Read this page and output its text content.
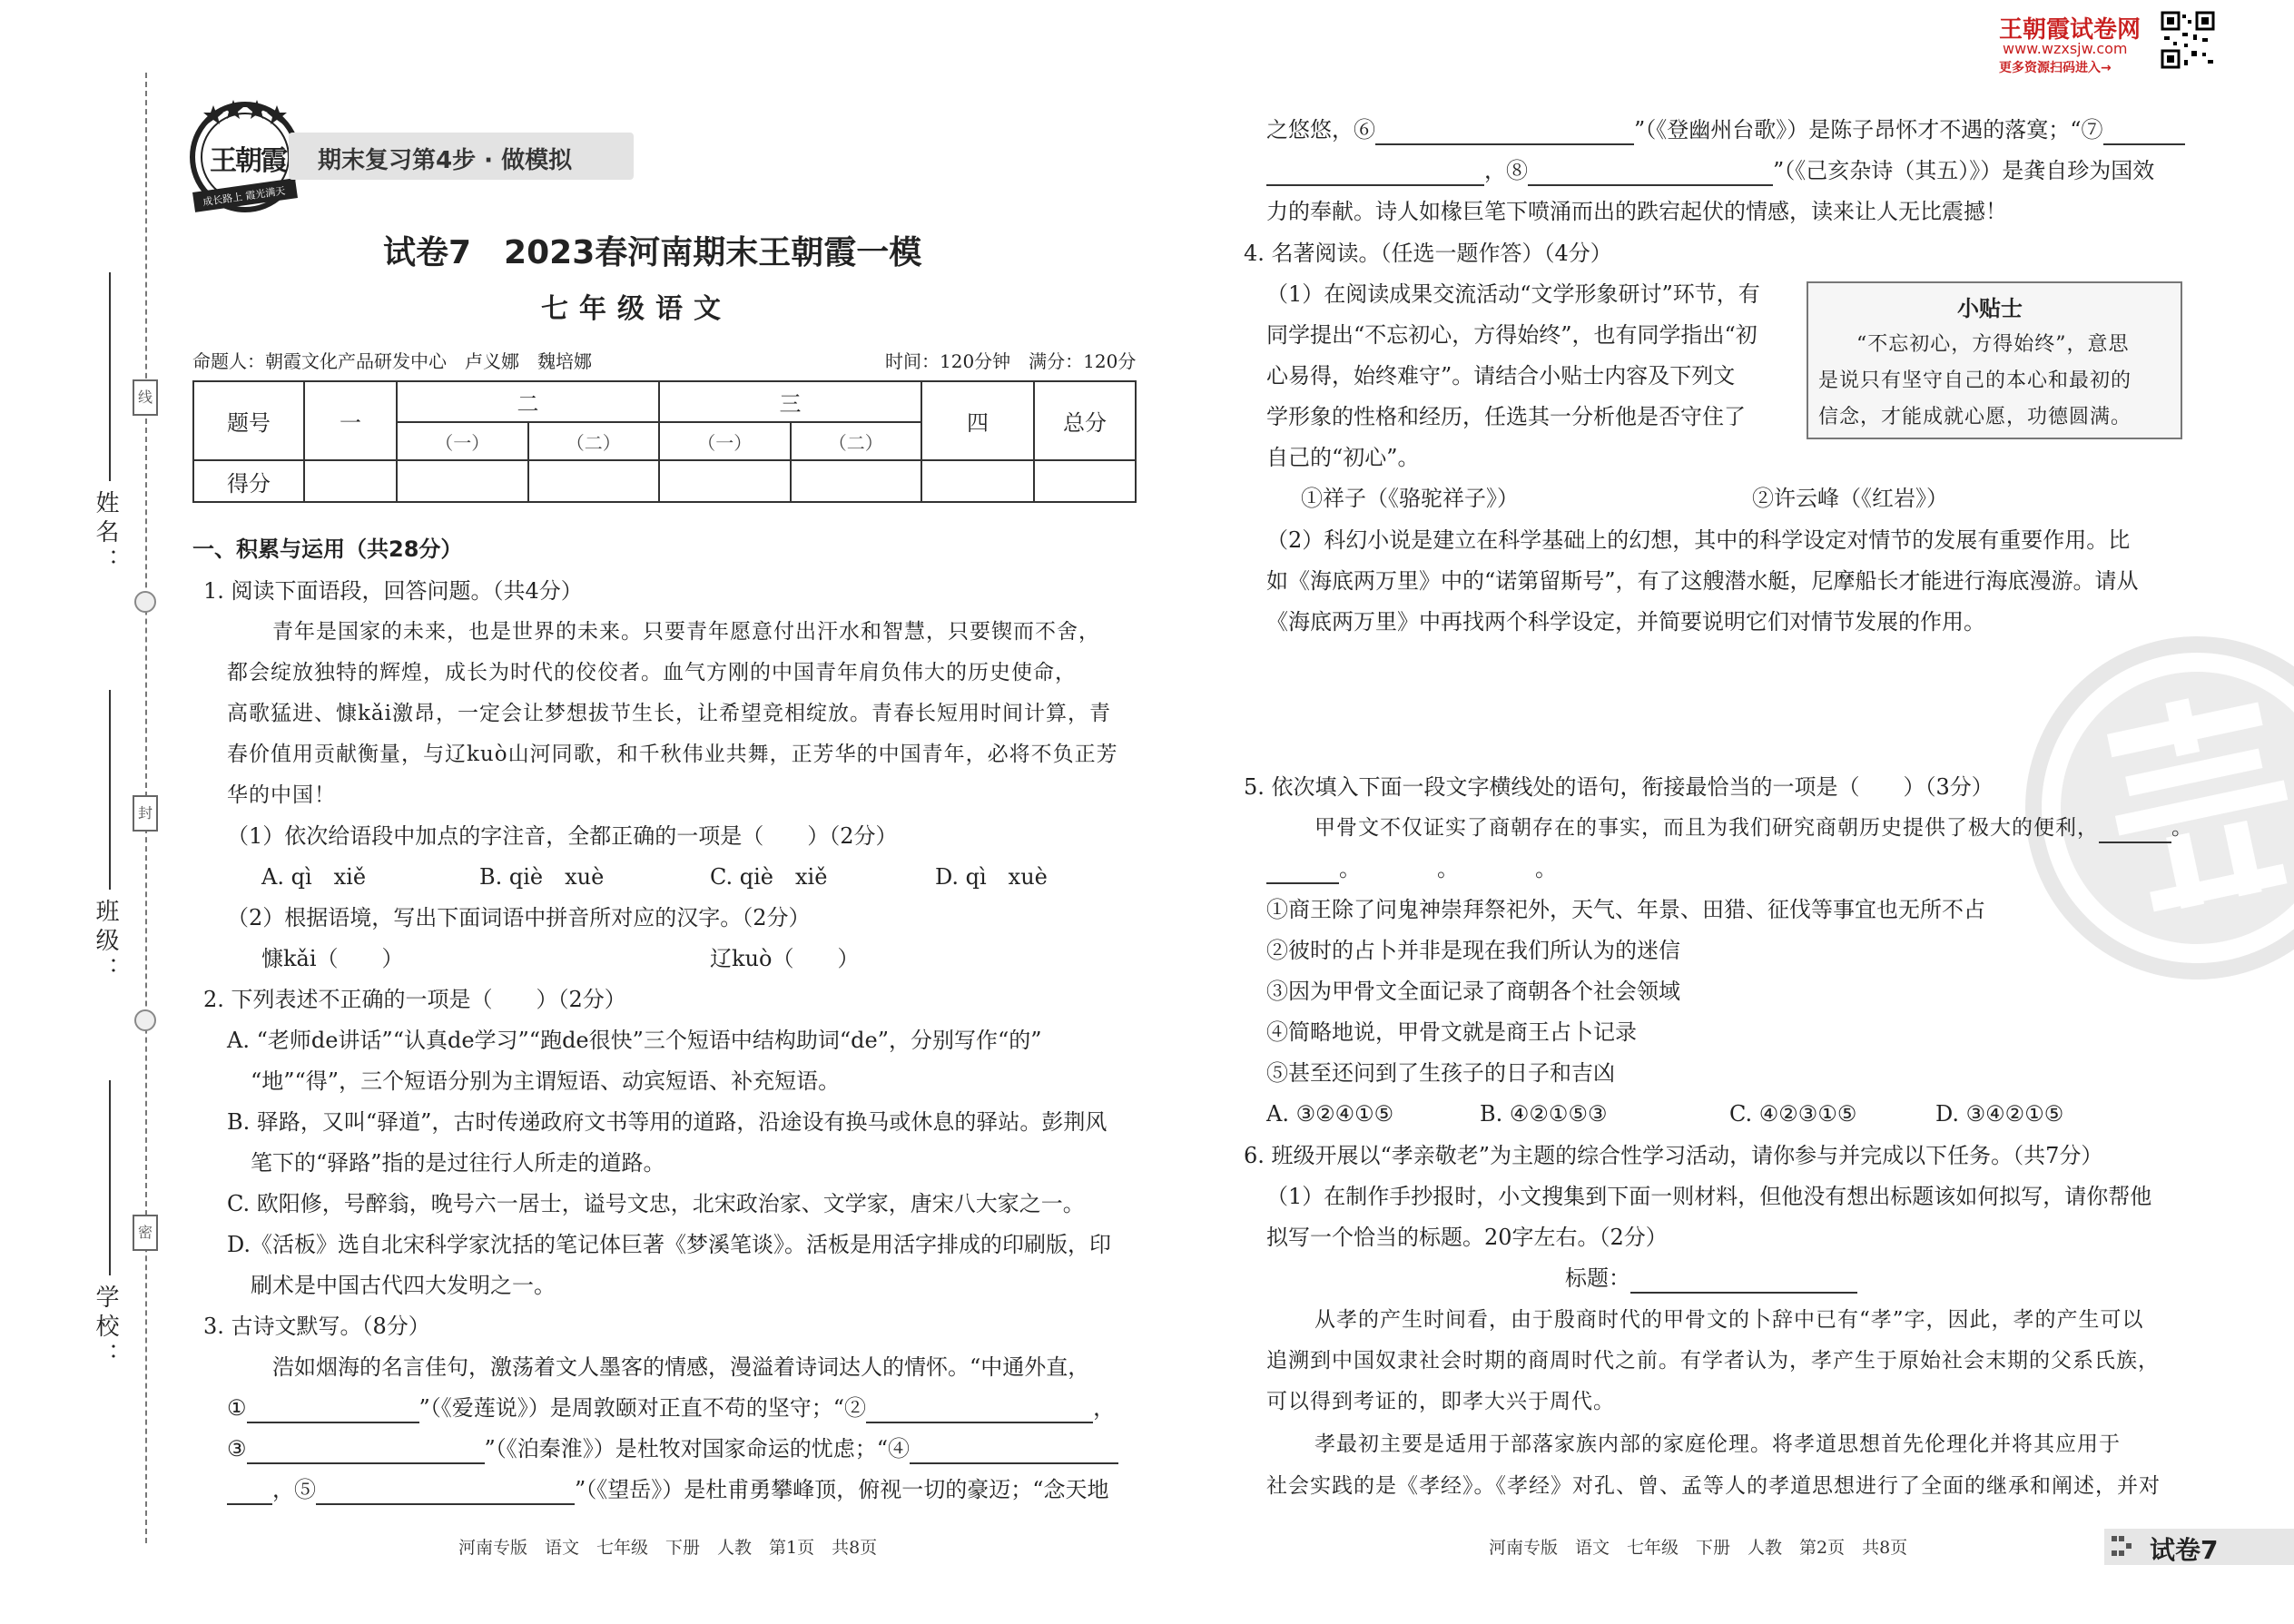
姓名：
班级：
学校：
线
封
密
王朝霞
成长路上 霞光满天
期末复习第4步 · 做模拟
试卷7　2023春河南期末王朝霞一模
七年级语文
命题人：朝霞文化产品研发中心　卢义娜　魏培娜	时间：120分钟　满分：120分
题号	一	二		三		四	总分
		（一）	（二）	（一）	（二）		
得分							
一、积累与运用（共28分）
1. 阅读下面语段，回答问题。（共4分）
青年是国家的未来，也是世界的未来。只要青年愿意付出汗水和智慧，只要锲而不舍，
都会绽放独特的辉煌，成长为时代的佼佼者。血气方刚的中国青年肩负伟大的历史使命，
高歌猛进、慷kǎi激昂，一定会让梦想拔节生长，让希望竞相绽放。青春长短用时间计算，青
春价值用贡献衡量，与辽kuò山河同歌，和千秋伟业共舞，正芳华的中国青年，必将不负正芳
华的中国！
（1）依次给语段中加点的字注音，全都正确的一项是（　　）（2分）
A. qì　xiě	B. qiè　xuè	C. qiè　xiě	D. qì　xuè
（2）根据语境，写出下面词语中拼音所对应的汉字。（2分）
慷kǎi（　　）	辽kuò（　　）
2. 下列表述不正确的一项是（　　）（2分）
A. “老师de讲话”“认真de学习”“跑de很快”三个短语中结构助词“de”，分别写作“的”
“地”“得”，三个短语分别为主谓短语、动宾短语、补充短语。
B. 驿路，又叫“驿道”，古时传递政府文书等用的道路，沿途设有换马或休息的驿站。彭荆风
笔下的“驿路”指的是过往行人所走的道路。
C. 欧阳修，号醉翁，晚号六一居士，谥号文忠，北宋政治家、文学家，唐宋八大家之一。
D.《活板》选自北宋科学家沈括的笔记体巨著《梦溪笔谈》。活板是用活字排成的印刷版，印
刷术是中国古代四大发明之一。
3. 古诗文默写。（8分）
浩如烟海的名言佳句，激荡着文人墨客的情感，漫溢着诗词达人的情怀。“中通外直，
①	”（《爱莲说》）是周敦颐对正直不苟的坚守；“②	，
③	”（《泊秦淮》）是杜牧对国家命运的忧虑；“④
，⑤	”（《望岳》）是杜甫勇攀峰顶，俯视一切的豪迈；“念天地
河南专版　语文　七年级　下册　人教　第1页　共8页
王朝霞试卷网
www.wzxsjw.com
更多资源扫码进入→
之悠悠，⑥	”（《登幽州台歌》）是陈子昂怀才不遇的落寞；“⑦
，⑧	”（《己亥杂诗（其五）》）是龚自珍为国效
力的奉献。诗人如椽巨笔下喷涌而出的跌宕起伏的情感，读来让人无比震撼！
4. 名著阅读。（任选一题作答）（4分）
（1）在阅读成果交流活动“文学形象研讨”环节，有
同学提出“不忘初心，方得始终”，也有同学指出“初
心易得，始终难守”。请结合小贴士内容及下列文
学形象的性格和经历，任选其一分析他是否守住了
自己的“初心”。
小贴士
“不忘初心，方得始终”，意思
是说只有坚守自己的本心和最初的
信念，才能成就心愿，功德圆满。
①祥子（《骆驼祥子》）	②许云峰（《红岩》）
（2）科幻小说是建立在科学基础上的幻想，其中的科学设定对情节的发展有重要作用。比
如《海底两万里》中的“诺第留斯号”，有了这艘潜水艇，尼摩船长才能进行海底漫游。请从
《海底两万里》中再找两个科学设定，并简要说明它们对情节发展的作用。
5. 依次填入下面一段文字横线处的语句，衔接最恰当的一项是（　　）（3分）
甲骨文不仅证实了商朝存在的事实，而且为我们研究商朝历史提供了极大的便利，	。
。　　　　。　　　　。
①商王除了问鬼神崇拜祭祀外，天气、年景、田猎、征伐等事宜也无所不占
②彼时的占卜并非是现在我们所认为的迷信
③因为甲骨文全面记录了商朝各个社会领域
④简略地说，甲骨文就是商王占卜记录
⑤甚至还问到了生孩子的日子和吉凶
A. ③②④①⑤	B. ④②①⑤③	C. ④②③①⑤	D. ③④②①⑤
6. 班级开展以“孝亲敬老”为主题的综合性学习活动，请你参与并完成以下任务。（共7分）
（1）在制作手抄报时，小文搜集到下面一则材料，但他没有想出标题该如何拟写，请你帮他
拟写一个恰当的标题。20字左右。（2分）
标题：
从孝的产生时间看，由于殷商时代的甲骨文的卜辞中已有“孝”字，因此，孝的产生可以
追溯到中国奴隶社会时期的商周时代之前。有学者认为，孝产生于原始社会末期的父系氏族，
可以得到考证的，即孝大兴于周代。
孝最初主要是适用于部落家族内部的家庭伦理。将孝道思想首先伦理化并将其应用于
社会实践的是《孝经》。《孝经》对孔、曾、孟等人的孝道思想进行了全面的继承和阐述，并对
河南专版　语文　七年级　下册　人教　第2页　共8页	试卷7
